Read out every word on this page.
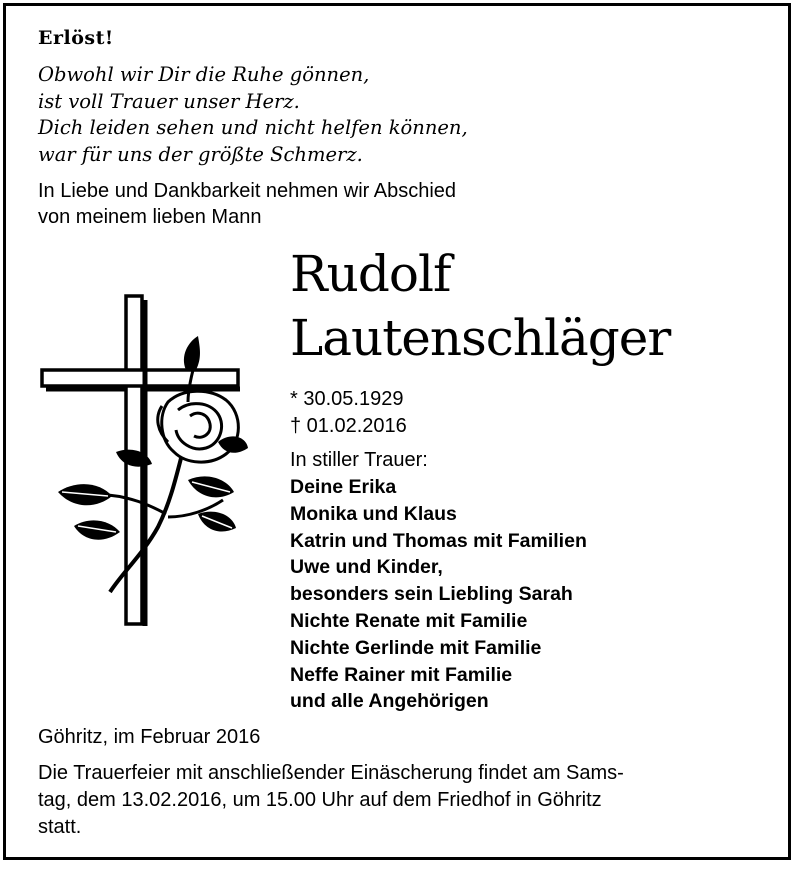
Erlöst!
Obwohl wir Dir die Ruhe gönnen,
ist voll Trauer unser Herz.
Dich leiden sehen und nicht helfen können,
war für uns der größte Schmerz.
In Liebe und Dankbarkeit nehmen wir Abschied
von meinem lieben Mann
Rudolf
Lautenschläger
* 30.05.1929
† 01.02.2016
In stiller Trauer:
Deine Erika
Monika und Klaus
Katrin und Thomas mit Familien
Uwe und Kinder,
besonders sein Liebling Sarah
Nichte Renate mit Familie
Nichte Gerlinde mit Familie
Neffe Rainer mit Familie
und alle Angehörigen
Göhritz, im Februar 2016
Die Trauerfeier mit anschließender Einäscherung findet am Sams-
tag, dem 13.02.2016, um 15.00 Uhr auf dem Friedhof in Göhritz
statt.
